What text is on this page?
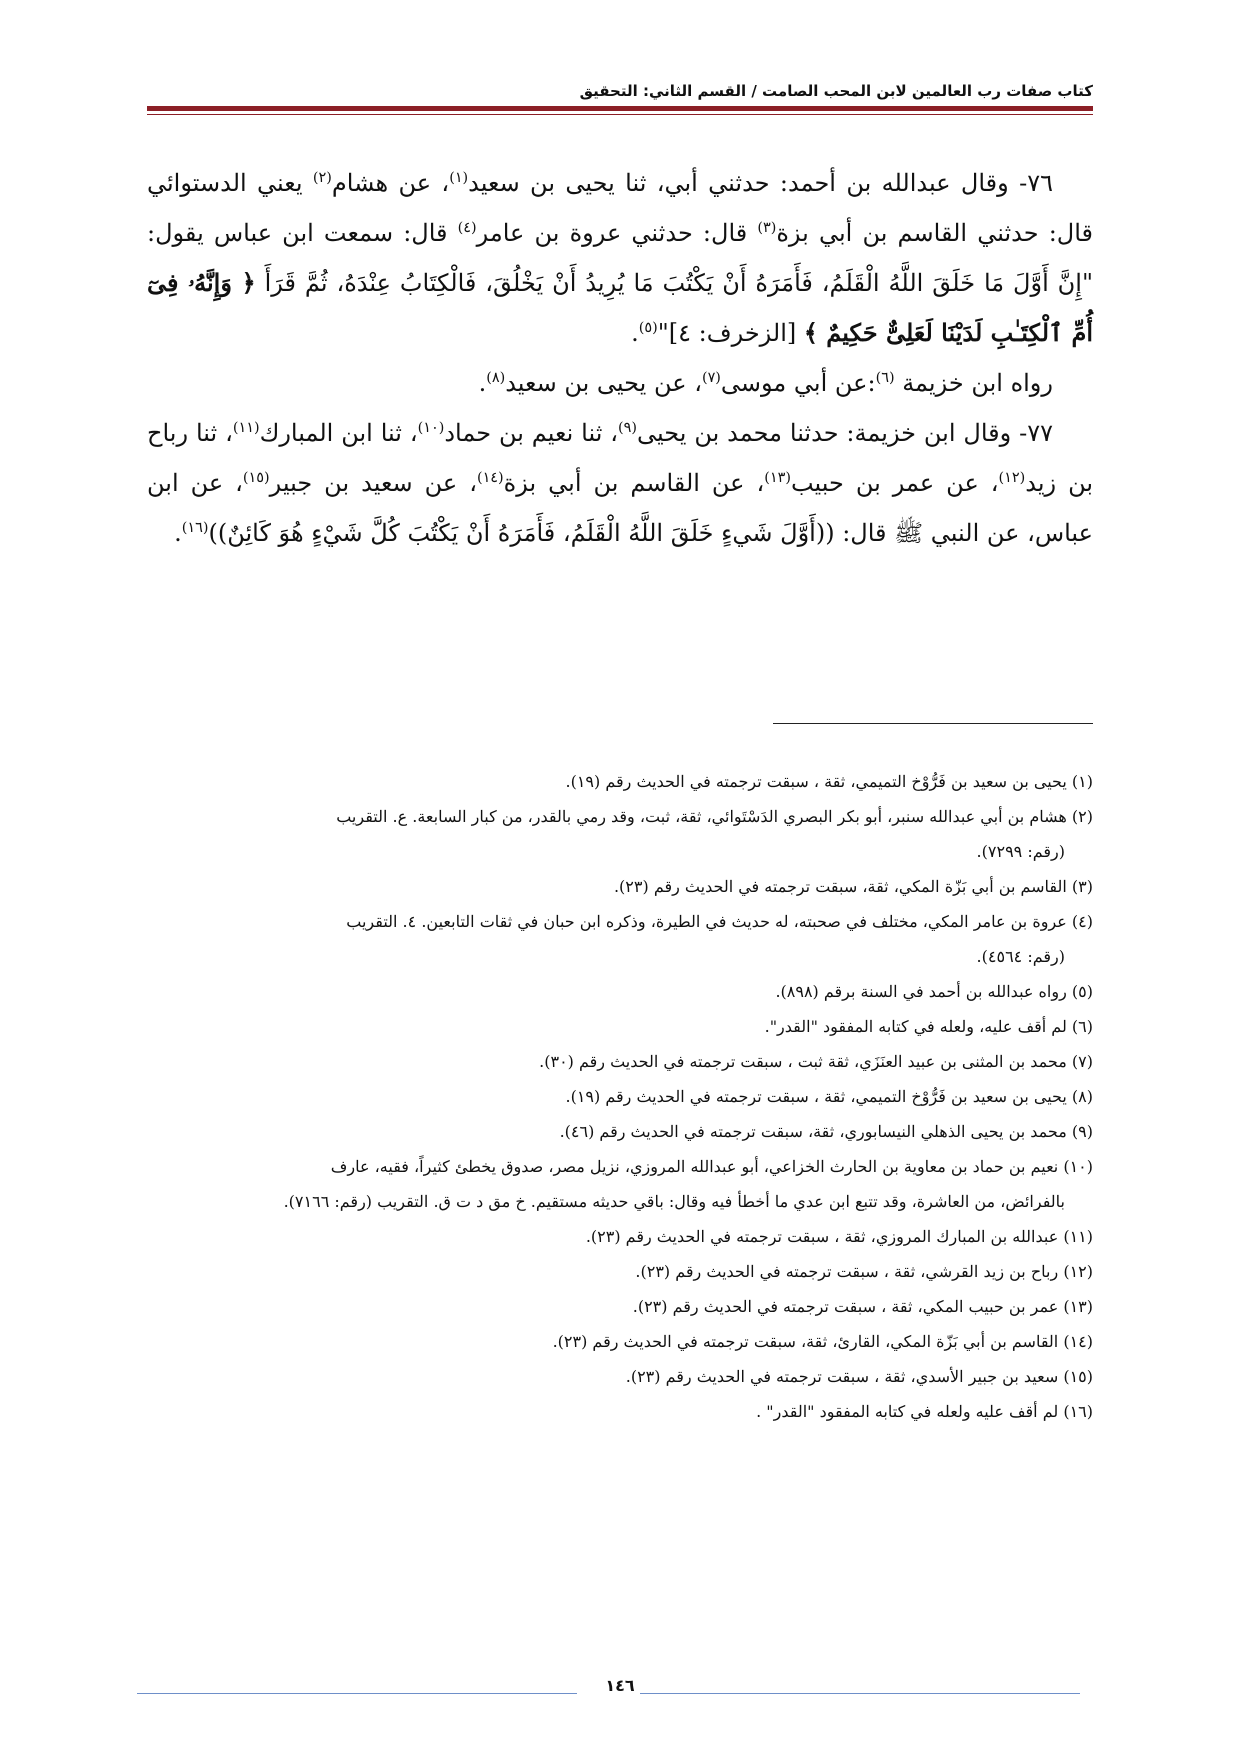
كتاب صفات رب العالمين لابن المحب الصامت / القسم الثاني: التحقيق

٧٦- وقال عبدالله بن أحمد: حدثني أبي، ثنا يحيى بن سعيد$^{(١)}$، عن هشام$^{(٢)}$ يعني الدستوائي قال: حدثني القاسم بن أبي بزة$^{(٣)}$ قال: حدثني عروة بن عامر$^{(٤)}$ قال: سمعت ابن عباس يقول: "إِنَّ أَوَّلَ مَا خَلَقَ اللَّهُ الْقَلَمُ، فَأَمَرَهُ أَنْ يَكْتُبَ مَا يُرِيدُ أَنْ يَخْلُقَ، فَالْكِتَابُ عِنْدَهُ، ثُمَّ قَرَأَ ﴿ وَإِنَّهُۥ فِىٓ أُمِّ ٱلْكِتَـٰبِ لَدَيْنَا لَعَلِىٌّ حَكِيمٌ ﴾ [الزخرف: ٤]"$^{(٥)}$.

رواه ابن خزيمة $^{(٦)}$:عن أبي موسى$^{(٧)}$، عن يحيى بن سعيد$^{(٨)}$.

٧٧- وقال ابن خزيمة: حدثنا محمد بن يحيى$^{(٩)}$، ثنا نعيم بن حماد$^{(١٠)}$، ثنا ابن المبارك$^{(١١)}$، ثنا رباح بن زيد$^{(١٢)}$، عن عمر بن حبيب$^{(١٣)}$، عن القاسم بن أبي بزة$^{(١٤)}$، عن سعيد بن جبير$^{(١٥)}$، عن ابن عباس، عن النبي ﷺ قال: ((أَوَّلَ شَيءٍ خَلَقَ اللَّهُ الْقَلَمُ، فَأَمَرَهُ أَنْ يَكْتُبَ كُلَّ شَيْءٍ هُوَ كَائِنٌ))$^{(١٦)}$.

(١) يحيى بن سعيد بن فَرُّوْخ التميمي، ثقة ، سبقت ترجمته في الحديث رقم (١٩).

(٢) هشام بن أبي عبدالله سنبر، أبو بكر البصري الدَسْتَوائي، ثقة، ثبت، وقد رمي بالقدر، من كبار السابعة. ع. التقريب
(رقم: ٧٢٩٩).

(٣) القاسم بن أبي بَزّة المكي، ثقة، سبقت ترجمته في الحديث رقم (٢٣).

(٤) عروة بن عامر المكي، مختلف في صحبته، له حديث في الطيرة، وذكره ابن حبان في ثقات التابعين. ٤. التقريب
(رقم: ٤٥٦٤).

(٥) رواه عبدالله بن أحمد في السنة برقم (٨٩٨).

(٦) لم أقف عليه، ولعله في كتابه المفقود "القدر".

(٧) محمد بن المثنى بن عبيد العنَزَي، ثقة ثبت ، سبقت ترجمته في الحديث رقم (٣٠).

(٨) يحيى بن سعيد بن فَرُّوْخ التميمي، ثقة ، سبقت ترجمته في الحديث رقم (١٩).

(٩) محمد بن يحيى الذهلي النيسابوري، ثقة، سبقت ترجمته في الحديث رقم (٤٦).

(١٠) نعيم بن حماد بن معاوية بن الحارث الخزاعي، أبو عبدالله المروزي، نزيل مصر، صدوق يخطئ كثيراً، فقيه، عارف
بالفرائض، من العاشرة، وقد تتبع ابن عدي ما أخطأ فيه وقال: باقي حديثه مستقيم. خ مق د ت ق. التقريب (رقم: ٧١٦٦).

(١١) عبدالله بن المبارك المروزي، ثقة ، سبقت ترجمته في الحديث رقم (٢٣).

(١٢) رباح بن زيد القرشي، ثقة ، سبقت ترجمته في الحديث رقم (٢٣).

(١٣) عمر بن حبيب المكي، ثقة ، سبقت ترجمته في الحديث رقم (٢٣).

(١٤) القاسم بن أبي بَزّة المكي، القارئ، ثقة، سبقت ترجمته في الحديث رقم (٢٣).

(١٥) سعيد بن جبير الأسدي، ثقة ، سبقت ترجمته في الحديث رقم (٢٣).

(١٦) لم أقف عليه ولعله في كتابه المفقود "القدر" .

١٤٦
